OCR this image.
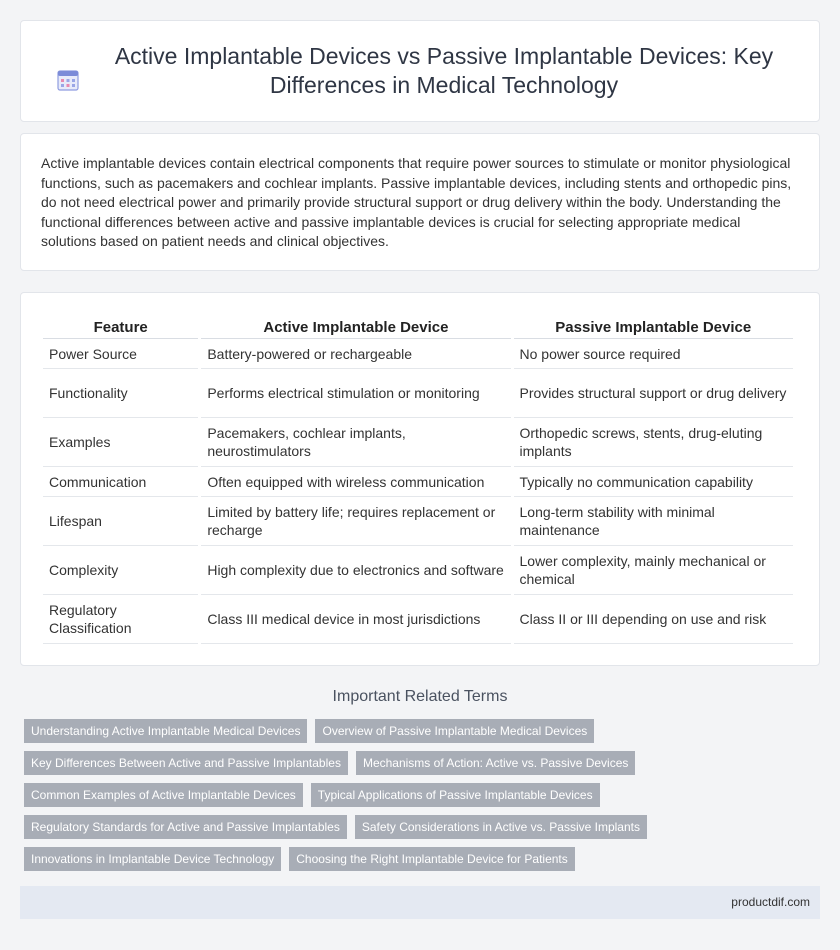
Active Implantable Devices vs Passive Implantable Devices: Key Differences in Medical Technology

Active implantable devices contain electrical components that require power sources to stimulate or monitor physiological functions, such as pacemakers and cochlear implants. Passive implantable devices, including stents and orthopedic pins, do not need electrical power and primarily provide structural support or drug delivery within the body. Understanding the functional differences between active and passive implantable devices is crucial for selecting appropriate medical solutions based on patient needs and clinical objectives.

Feature	Active Implantable Device	Passive Implantable Device
Power Source	Battery-powered or rechargeable	No power source required
Functionality	Performs electrical stimulation or monitoring	Provides structural support or drug delivery
Examples	Pacemakers, cochlear implants, neurostimulators	Orthopedic screws, stents, drug-eluting implants
Communication	Often equipped with wireless communication	Typically no communication capability
Lifespan	Limited by battery life; requires replacement or recharge	Long-term stability with minimal maintenance
Complexity	High complexity due to electronics and software	Lower complexity, mainly mechanical or chemical
Regulatory Classification	Class III medical device in most jurisdictions	Class II or III depending on use and risk
Important Related Terms
Understanding Active Implantable Medical Devices	Overview of Passive Implantable Medical Devices
Key Differences Between Active and Passive Implantables	Mechanisms of Action: Active vs. Passive Devices
Common Examples of Active Implantable Devices	Typical Applications of Passive Implantable Devices
Regulatory Standards for Active and Passive Implantables	Safety Considerations in Active vs. Passive Implants
Innovations in Implantable Device Technology	Choosing the Right Implantable Device for Patients
productdif.com
